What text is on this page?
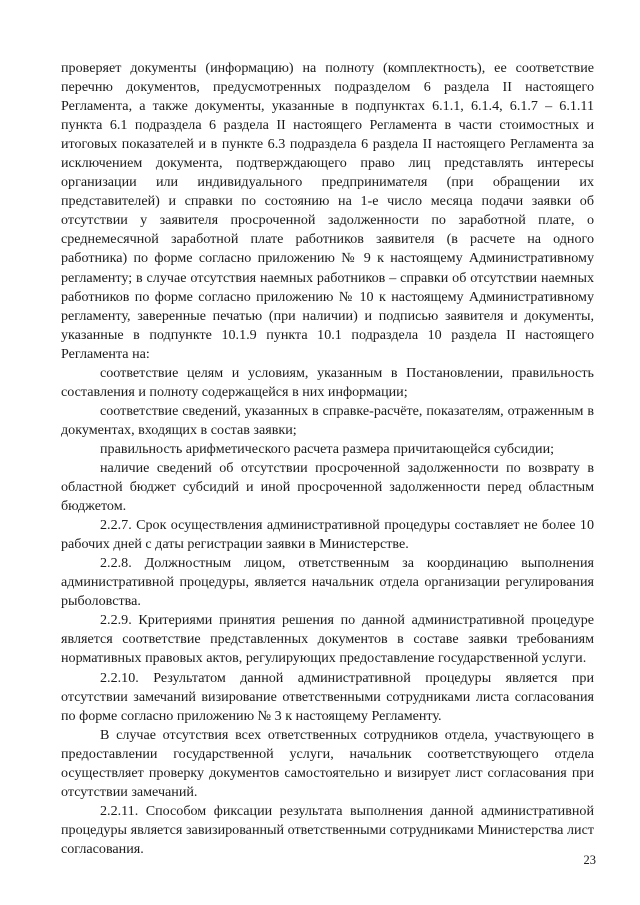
проверяет документы (информацию) на полноту (комплектность), ее соответствие перечню документов, предусмотренных подразделом 6 раздела II настоящего Регламента, а также документы, указанные в подпунктах 6.1.1, 6.1.4, 6.1.7 – 6.1.11 пункта 6.1 подраздела 6 раздела II настоящего Регламента в части стоимостных и итоговых показателей и в пункте 6.3 подраздела 6 раздела II настоящего Регламента за исключением документа, подтверждающего право лиц представлять интересы организации или индивидуального предпринимателя (при обращении их представителей) и справки по состоянию на 1-е число месяца подачи заявки об отсутствии у заявителя просроченной задолженности по заработной плате, о среднемесячной заработной плате работников заявителя (в расчете на одного работника) по форме согласно приложению № 9 к настоящему Административному регламенту; в случае отсутствия наемных работников – справки об отсутствии наемных работников по форме согласно приложению № 10 к настоящему Административному регламенту, заверенные печатью (при наличии) и подписью заявителя и документы, указанные в подпункте 10.1.9 пункта 10.1 подраздела 10 раздела II настоящего Регламента на:

соответствие целям и условиям, указанным в Постановлении, правильность составления и полноту содержащейся в них информации;

соответствие сведений, указанных в справке-расчёте, показателям, отраженным в документах, входящих в состав заявки;

правильность арифметического расчета размера причитающейся субсидии;

наличие сведений об отсутствии просроченной задолженности по возврату в областной бюджет субсидий и иной просроченной задолженности перед областным бюджетом.

2.2.7. Срок осуществления административной процедуры составляет не более 10 рабочих дней с даты регистрации заявки в Министерстве.

2.2.8. Должностным лицом, ответственным за координацию выполнения административной процедуры, является начальник отдела организации регулирования рыболовства.

2.2.9. Критериями принятия решения по данной административной процедуре является соответствие представленных документов в составе заявки требованиям нормативных правовых актов, регулирующих предоставление государственной услуги.

2.2.10. Результатом данной административной процедуры является при отсутствии замечаний визирование ответственными сотрудниками листа согласования по форме согласно приложению № 3 к настоящему Регламенту.

В случае отсутствия всех ответственных сотрудников отдела, участвующего в предоставлении государственной услуги, начальник соответствующего отдела осуществляет проверку документов самостоятельно и визирует лист согласования при отсутствии замечаний.

2.2.11. Способом фиксации результата выполнения данной административной процедуры является завизированный ответственными сотрудниками Министерства лист согласования.

23
